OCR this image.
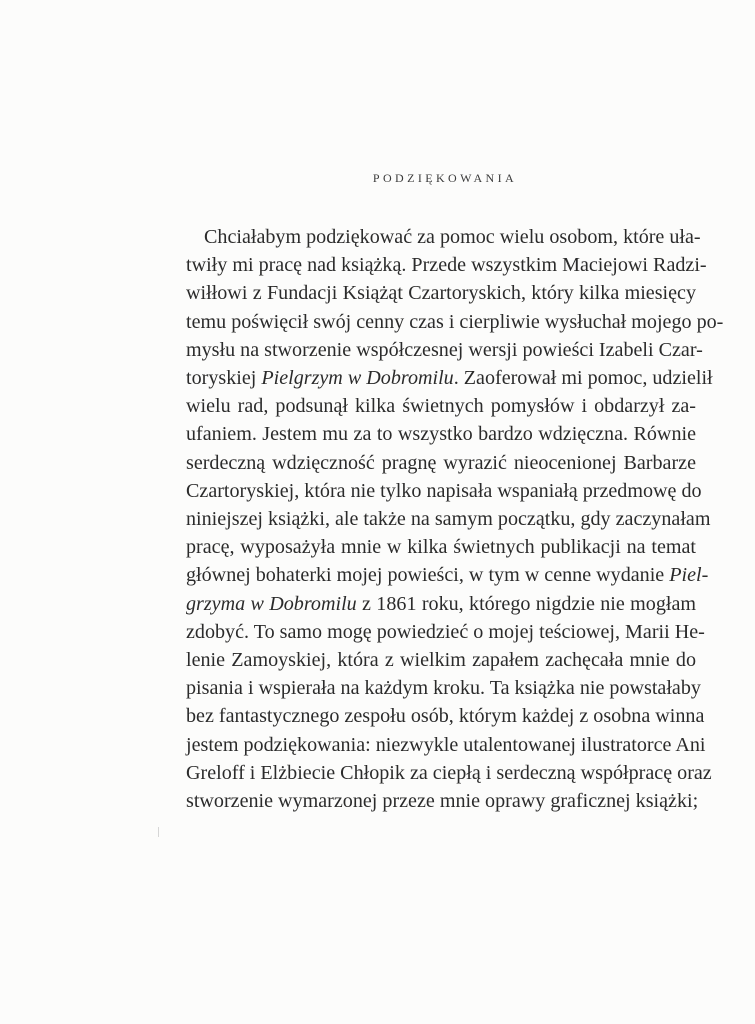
PODZIĘKOWANIA
Chciałabym podziękować za pomoc wielu osobom, które uła-
twiły mi pracę nad książką. Przede wszystkim Maciejowi Radzi-
wiłłowi z Fundacji Książąt Czartoryskich, który kilka miesięcy
temu poświęcił swój cenny czas i cierpliwie wysłuchał mojego po-
mysłu na stworzenie współczesnej wersji powieści Izabeli Czar-
toryskiej Pielgrzym w Dobromilu. Zaoferował mi pomoc, udzielił
wielu rad, podsunął kilka świetnych pomysłów i obdarzył za-
ufaniem. Jestem mu za to wszystko bardzo wdzięczna. Równie
serdeczną wdzięczność pragnę wyrazić nieocenionej Barbarze
Czartoryskiej, która nie tylko napisała wspaniałą przedmowę do
niniejszej książki, ale także na samym początku, gdy zaczynałam
pracę, wyposażyła mnie w kilka świetnych publikacji na temat
głównej bohaterki mojej powieści, w tym w cenne wydanie Piel-
grzyma w Dobromilu z 1861 roku, którego nigdzie nie mogłam
zdobyć. To samo mogę powiedzieć o mojej teściowej, Marii He-
lenie Zamoyskiej, która z wielkim zapałem zachęcała mnie do
pisania i wspierała na każdym kroku. Ta książka nie powstałaby
bez fantastycznego zespołu osób, którym każdej z osobna winna
jestem podziękowania: niezwykle utalentowanej ilustratorce Ani
Greloff i Elżbiecie Chłopik za ciepłą i serdeczną współpracę oraz
stworzenie wymarzonej przeze mnie oprawy graficznej książki;
